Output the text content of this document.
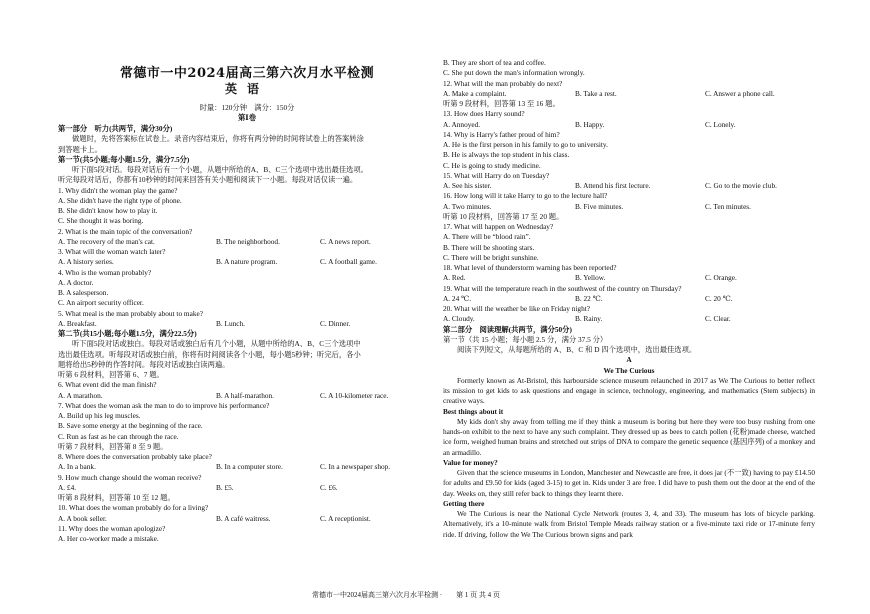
常德市一中2024届高三第六次月水平检测
英语
时量：120分钟　满分：150分
第Ⅰ卷
第一部分　听力(共两节，满分30分)
做题时，先将答案标在试卷上。录音内容结束后，你将有两分钟的时间将试卷上的答案转涂
到答题卡上。
第一节(共5小题;每小题1.5分，满分7.5分)
听下面5段对话。每段对话后有一个小题，从题中所给的A、B、C三个选项中选出最佳选项。
听完每段对话后，你都有10秒钟的时间来回答有关小题和阅读下一小题。每段对话仅读一遍。
1. Why didn't the woman play the game?
A. She didn't have the right type of phone.
B. She didn't know how to play it.
C. She thought it was boring.
2. What is the main topic of the conversation?
A. The recovery of the man's cat.	B. The neighborhood.	C. A news report.
3. What will the woman watch later?
A. A history series.	B. A nature program.	C. A football game.
4. Who is the woman probably?
A. A doctor.
B. A salesperson.
C. An airport security officer.
5. What meal is the man probably about to make?
A. Breakfast.	B. Lunch.	C. Dinner.
第二节(共15小题;每小题1.5分，满分22.5分)
听下面5段对话或独白。每段对话或独白后有几个小题，从题中所给的A、B、C三个选项中
选出最佳选项。听每段对话或独白前，你将有时间阅读各个小题，每小题5秒钟；听完后，各小
题将给出5秒钟的作答时间。每段对话或独白读两遍。
听第 6 段材料，回答第 6、7 题。
6. What event did the man finish?
A. A marathon.	B. A half-marathon.	C. A 10-kilometer race.
7. What does the woman ask the man to do to improve his performance?
A. Build up his leg muscles.
B. Save some energy at the beginning of the race.
C. Run as fast as he can through the race.
听第 7 段材料，回答第 8 至 9 题。
8. Where does the conversation probably take place?
A. In a bank.	B. In a computer store.	C. In a newspaper shop.
9. How much change should the woman receive?
A. £4.	B. £5.	C. £6.
听第 8 段材料，回答第 10 至 12 题。
10. What does the woman probably do for a living?
A. A book seller.	B. A café waitress.	C. A receptionist.
11. Why does the woman apologize?
A. Her co-worker made a mistake.
B. They are short of tea and coffee.
C. She put down the man's information wrongly.
12. What will the man probably do next?
A. Make a complaint.	B. Take a rest.	C. Answer a phone call.
听第 9 段材料，回答第 13 至 16 题。
13. How does Harry sound?
A. Annoyed.	B. Happy.	C. Lonely.
14. Why is Harry's father proud of him?
A. He is the first person in his family to go to university.
B. He is always the top student in his class.
C. He is going to study medicine.
15. What will Harry do on Tuesday?
A. See his sister.	B. Attend his first lecture.	C. Go to the movie club.
16. How long will it take Harry to go to the lecture hall?
A. Two minutes.	B. Five minutes.	C. Ten minutes.
听第 10 段材料，回答第 17 至 20 题。
17. What will happen on Wednesday?
A. There will be “blood rain”.
B. There will be shooting stars.
C. There will be bright sunshine.
18. What level of thunderstorm warning has been reported?
A. Red.	B. Yellow.	C. Orange.
19. What will the temperature reach in the southwest of the country on Thursday?
A. 24 ℃.	B. 22 ℃.	C. 20 ℃.
20. What will the weather be like on Friday night?
A. Cloudy.	B. Rainy.	C. Clear.
第二部分　阅读理解(共两节，满分50分)
第一节（共 15 小题；每小题 2.5 分，满分 37.5 分）
阅读下列短文，从每题所给的 A、B、C 和 D 四个选项中，选出最佳选项。
A
We The Curious
Formerly known as At-Bristol, this harbourside science museum relaunched in 2017 as We The Curious to better reflect its mission to get kids to ask questions and engage in science, technology, engineering, and mathematics (Stem subjects) in creative ways.
Best things about it
My kids don't shy away from telling me if they think a museum is boring but here they were too busy rushing from one hands-on exhibit to the next to have any such complaint. They dressed up as bees to catch pollen (花粉)made cheese, watched ice form, weighed human brains and stretched out strips of DNA to compare the genetic sequence (基因序列) of a monkey and an armadillo.
Value for money?
Given that the science museums in London, Manchester and Newcastle are free, it does jar (不一致) having to pay £14.50 for adults and £9.50 for kids (aged 3-15) to get in. Kids under 3 are free. I did have to push them out the door at the end of the day. Weeks on, they still refer back to things they learnt there.
Getting there
We The Curious is near the National Cycle Network (routes 3, 4, and 33). The museum has lots of bicycle parking. Alternatively, it's a 10-minute walk from Bristol Temple Meads railway station or a five-minute taxi ride or 17-minute ferry ride. If driving, follow the We The Curious brown signs and park
常德市一中2024届高三第六次月水平检测 ·　　第 1 页 共 4 页
